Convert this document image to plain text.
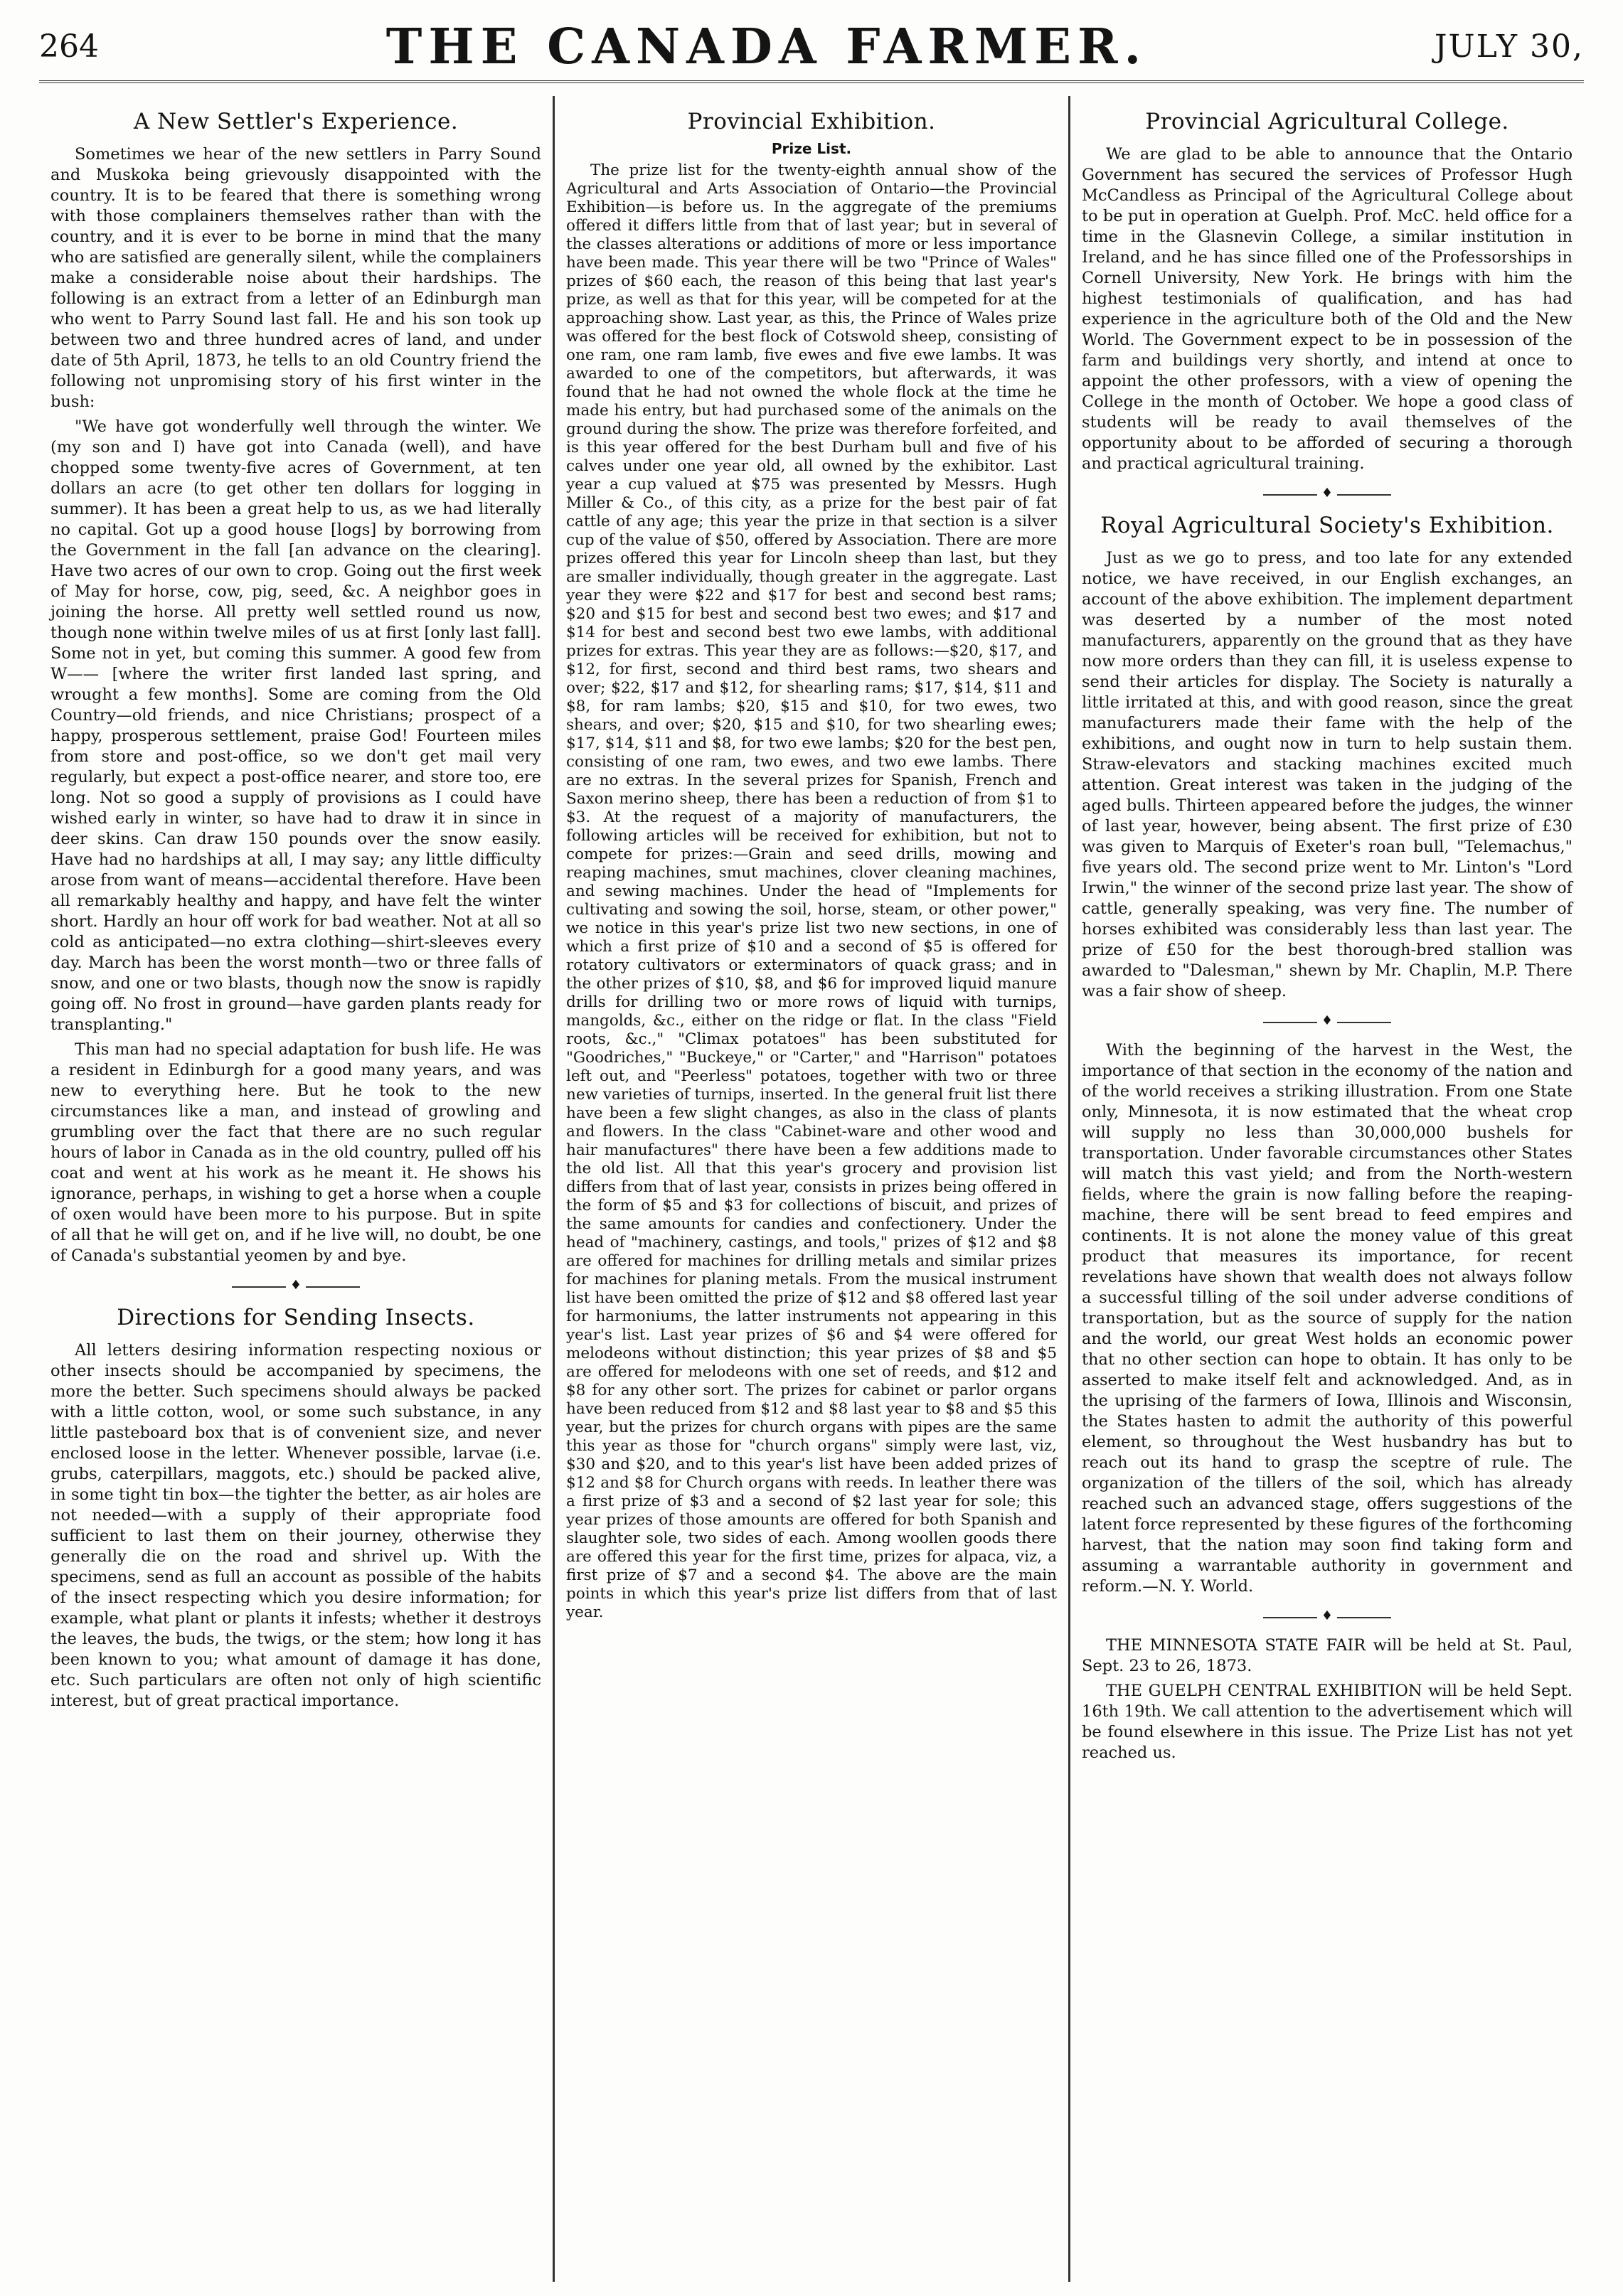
264	THE CANADA FARMER.	JULY 30,
A New Settler's Experience.

Sometimes we hear of the new settlers in Parry Sound and Muskoka being grievously disappointed with the country. It is to be feared that there is something wrong with those complainers themselves rather than with the country, and it is ever to be borne in mind that the many who are satisfied are generally silent, while the complainers make a considerable noise about their hardships. The following is an extract from a letter of an Edinburgh man who went to Parry Sound last fall. He and his son took up between two and three hundred acres of land, and under date of 5th April, 1873, he tells to an old Country friend the following not unpromising story of his first winter in the bush:

"We have got wonderfully well through the winter. We (my son and I) have got into Canada (well), and have chopped some twenty-five acres of Government, at ten dollars an acre (to get other ten dollars for logging in summer). It has been a great help to us, as we had literally no capital. Got up a good house [logs] by borrowing from the Government in the fall [an advance on the clearing]. Have two acres of our own to crop. Going out the first week of May for horse, cow, pig, seed, &c. A neighbor goes in joining the horse. All pretty well settled round us now, though none within twelve miles of us at first [only last fall]. Some not in yet, but coming this summer. A good few from W—— [where the writer first landed last spring, and wrought a few months]. Some are coming from the Old Country—old friends, and nice Christians; prospect of a happy, prosperous settlement, praise God! Fourteen miles from store and post-office, so we don't get mail very regularly, but expect a post-office nearer, and store too, ere long. Not so good a supply of provisions as I could have wished early in winter, so have had to draw it in since in deer skins. Can draw 150 pounds over the snow easily. Have had no hardships at all, I may say; any little difficulty arose from want of means—accidental therefore. Have been all remarkably healthy and happy, and have felt the winter short. Hardly an hour off work for bad weather. Not at all so cold as anticipated—no extra clothing—shirt-sleeves every day. March has been the worst month—two or three falls of snow, and one or two blasts, though now the snow is rapidly going off. No frost in ground—have garden plants ready for transplanting."

This man had no special adaptation for bush life. He was a resident in Edinburgh for a good many years, and was new to everything here. But he took to the new circumstances like a man, and instead of growling and grumbling over the fact that there are no such regular hours of labor in Canada as in the old country, pulled off his coat and went at his work as he meant it. He shows his ignorance, perhaps, in wishing to get a horse when a couple of oxen would have been more to his purpose. But in spite of all that he will get on, and if he live will, no doubt, be one of Canada's substantial yeomen by and bye.

♦
Directions for Sending Insects.

All letters desiring information respecting noxious or other insects should be accompanied by specimens, the more the better. Such specimens should always be packed with a little cotton, wool, or some such substance, in any little pasteboard box that is of convenient size, and never enclosed loose in the letter. Whenever possible, larvae (i.e. grubs, caterpillars, maggots, etc.) should be packed alive, in some tight tin box—the tighter the better, as air holes are not needed—with a supply of their appropriate food sufficient to last them on their journey, otherwise they generally die on the road and shrivel up. With the specimens, send as full an account as possible of the habits of the insect respecting which you desire information; for example, what plant or plants it infests; whether it destroys the leaves, the buds, the twigs, or the stem; how long it has been known to you; what amount of damage it has done, etc. Such particulars are often not only of high scientific interest, but of great practical importance.

Provincial Exhibition.
Prize List.

The prize list for the twenty-eighth annual show of the Agricultural and Arts Association of Ontario—the Provincial Exhibition—is before us. In the aggregate of the premiums offered it differs little from that of last year; but in several of the classes alterations or additions of more or less importance have been made. This year there will be two "Prince of Wales" prizes of $60 each, the reason of this being that last year's prize, as well as that for this year, will be competed for at the approaching show. Last year, as this, the Prince of Wales prize was offered for the best flock of Cotswold sheep, consisting of one ram, one ram lamb, five ewes and five ewe lambs. It was awarded to one of the competitors, but afterwards, it was found that he had not owned the whole flock at the time he made his entry, but had purchased some of the animals on the ground during the show. The prize was therefore forfeited, and is this year offered for the best Durham bull and five of his calves under one year old, all owned by the exhibitor. Last year a cup valued at $75 was presented by Messrs. Hugh Miller & Co., of this city, as a prize for the best pair of fat cattle of any age; this year the prize in that section is a silver cup of the value of $50, offered by Association. There are more prizes offered this year for Lincoln sheep than last, but they are smaller individually, though greater in the aggregate. Last year they were $22 and $17 for best and second best rams; $20 and $15 for best and second best two ewes; and $17 and $14 for best and second best two ewe lambs, with additional prizes for extras. This year they are as follows:—$20, $17, and $12, for first, second and third best rams, two shears and over; $22, $17 and $12, for shearling rams; $17, $14, $11 and $8, for ram lambs; $20, $15 and $10, for two ewes, two shears, and over; $20, $15 and $10, for two shearling ewes; $17, $14, $11 and $8, for two ewe lambs; $20 for the best pen, consisting of one ram, two ewes, and two ewe lambs. There are no extras. In the several prizes for Spanish, French and Saxon merino sheep, there has been a reduction of from $1 to $3. At the request of a majority of manufacturers, the following articles will be received for exhibition, but not to compete for prizes:—Grain and seed drills, mowing and reaping machines, smut machines, clover cleaning machines, and sewing machines. Under the head of "Implements for cultivating and sowing the soil, horse, steam, or other power," we notice in this year's prize list two new sections, in one of which a first prize of $10 and a second of $5 is offered for rotatory cultivators or exterminators of quack grass; and in the other prizes of $10, $8, and $6 for improved liquid manure drills for drilling two or more rows of liquid with turnips, mangolds, &c., either on the ridge or flat. In the class "Field roots, &c.," "Climax potatoes" has been substituted for "Goodriches," "Buckeye," or "Carter," and "Harrison" potatoes left out, and "Peerless" potatoes, together with two or three new varieties of turnips, inserted. In the general fruit list there have been a few slight changes, as also in the class of plants and flowers. In the class "Cabinet-ware and other wood and hair manufactures" there have been a few additions made to the old list. All that this year's grocery and provision list differs from that of last year, consists in prizes being offered in the form of $5 and $3 for collections of biscuit, and prizes of the same amounts for candies and confectionery. Under the head of "machinery, castings, and tools," prizes of $12 and $8 are offered for machines for drilling metals and similar prizes for machines for planing metals. From the musical instrument list have been omitted the prize of $12 and $8 offered last year for harmoniums, the latter instruments not appearing in this year's list. Last year prizes of $6 and $4 were offered for melodeons without distinction; this year prizes of $8 and $5 are offered for melodeons with one set of reeds, and $12 and $8 for any other sort. The prizes for cabinet or parlor organs have been reduced from $12 and $8 last year to $8 and $5 this year, but the prizes for church organs with pipes are the same this year as those for "church organs" simply were last, viz, $30 and $20, and to this year's list have been added prizes of $12 and $8 for Church organs with reeds. In leather there was a first prize of $3 and a second of $2 last year for sole; this year prizes of those amounts are offered for both Spanish and slaughter sole, two sides of each. Among woollen goods there are offered this year for the first time, prizes for alpaca, viz, a first prize of $7 and a second $4. The above are the main points in which this year's prize list differs from that of last year.

Provincial Agricultural College.

We are glad to be able to announce that the Ontario Government has secured the services of Professor Hugh McCandless as Principal of the Agricultural College about to be put in operation at Guelph. Prof. McC. held office for a time in the Glasnevin College, a similar institution in Ireland, and he has since filled one of the Professorships in Cornell University, New York. He brings with him the highest testimonials of qualification, and has had experience in the agriculture both of the Old and the New World. The Government expect to be in possession of the farm and buildings very shortly, and intend at once to appoint the other professors, with a view of opening the College in the month of October. We hope a good class of students will be ready to avail themselves of the opportunity about to be afforded of securing a thorough and practical agricultural training.

♦
Royal Agricultural Society's Exhibition.

Just as we go to press, and too late for any extended notice, we have received, in our English exchanges, an account of the above exhibition. The implement department was deserted by a number of the most noted manufacturers, apparently on the ground that as they have now more orders than they can fill, it is useless expense to send their articles for display. The Society is naturally a little irritated at this, and with good reason, since the great manufacturers made their fame with the help of the exhibitions, and ought now in turn to help sustain them. Straw-elevators and stacking machines excited much attention. Great interest was taken in the judging of the aged bulls. Thirteen appeared before the judges, the winner of last year, however, being absent. The first prize of £30 was given to Marquis of Exeter's roan bull, "Telemachus," five years old. The second prize went to Mr. Linton's "Lord Irwin," the winner of the second prize last year. The show of cattle, generally speaking, was very fine. The number of horses exhibited was considerably less than last year. The prize of £50 for the best thorough-bred stallion was awarded to "Dalesman," shewn by Mr. Chaplin, M.P. There was a fair show of sheep.

♦

With the beginning of the harvest in the West, the importance of that section in the economy of the nation and of the world receives a striking illustration. From one State only, Minnesota, it is now estimated that the wheat crop will supply no less than 30,000,000 bushels for transportation. Under favorable circumstances other States will match this vast yield; and from the North-western fields, where the grain is now falling before the reaping-machine, there will be sent bread to feed empires and continents. It is not alone the money value of this great product that measures its importance, for recent revelations have shown that wealth does not always follow a successful tilling of the soil under adverse conditions of transportation, but as the source of supply for the nation and the world, our great West holds an economic power that no other section can hope to obtain. It has only to be asserted to make itself felt and acknowledged. And, as in the uprising of the farmers of Iowa, Illinois and Wisconsin, the States hasten to admit the authority of this powerful element, so throughout the West husbandry has but to reach out its hand to grasp the sceptre of rule. The organization of the tillers of the soil, which has already reached such an advanced stage, offers suggestions of the latent force represented by these figures of the forthcoming harvest, that the nation may soon find taking form and assuming a warrantable authority in government and reform.—N. Y. World.

♦

THE MINNESOTA STATE FAIR will be held at St. Paul, Sept. 23 to 26, 1873.

THE GUELPH CENTRAL EXHIBITION will be held Sept. 16th 19th. We call attention to the advertisement which will be found elsewhere in this issue. The Prize List has not yet reached us.
